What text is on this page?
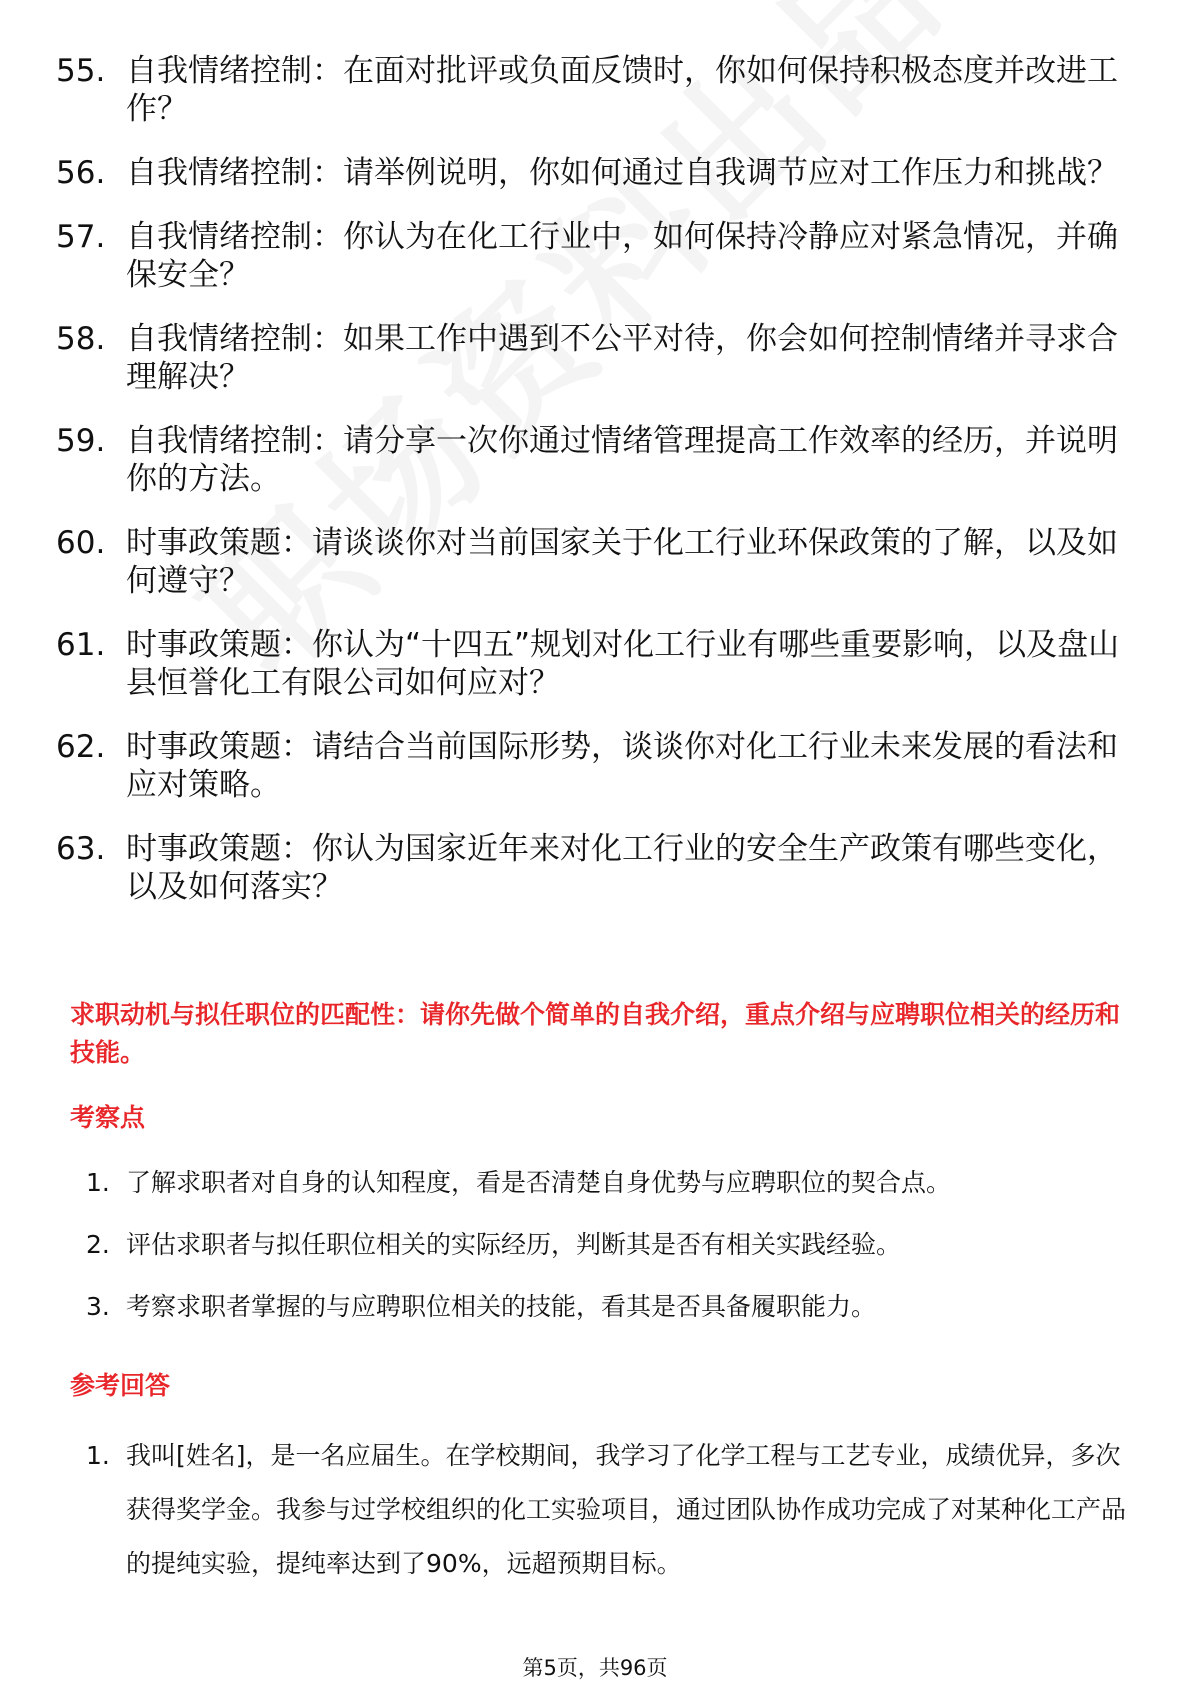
55. 自我情绪控制：在面对批评或负面反馈时，你如何保持积极态度并改进工作？
56. 自我情绪控制：请举例说明，你如何通过自我调节应对工作压力和挑战？
57. 自我情绪控制：你认为在化工行业中，如何保持冷静应对紧急情况，并确保安全？
58. 自我情绪控制：如果工作中遇到不公平对待，你会如何控制情绪并寻求合理解决？
59. 自我情绪控制：请分享一次你通过情绪管理提高工作效率的经历，并说明你的方法。
60. 时事政策题：请谈谈你对当前国家关于化工行业环保政策的了解，以及如何遵守？
61. 时事政策题：你认为“十四五”规划对化工行业有哪些重要影响，以及盘山县恒誉化工有限公司如何应对？
62. 时事政策题：请结合当前国际形势，谈谈你对化工行业未来发展的看法和应对策略。
63. 时事政策题：你认为国家近年来对化工行业的安全生产政策有哪些变化，以及如何落实？
求职动机与拟任职位的匹配性：请你先做个简单的自我介绍，重点介绍与应聘职位相关的经历和技能。
考察点
1. 了解求职者对自身的认知程度，看是否清楚自身优势与应聘职位的契合点。
2. 评估求职者与拟任职位相关的实际经历，判断其是否有相关实践经验。
3. 考察求职者掌握的与应聘职位相关的技能，看其是否具备履职能力。
参考回答
1. 我叫[姓名]，是一名应届生。在学校期间，我学习了化学工程与工艺专业，成绩优异，多次获得奖学金。我参与过学校组织的化工实验项目，通过团队协作成功完成了对某种化工产品的提纯实验，提纯率达到了90%，远超预期目标。
第5页，共96页
